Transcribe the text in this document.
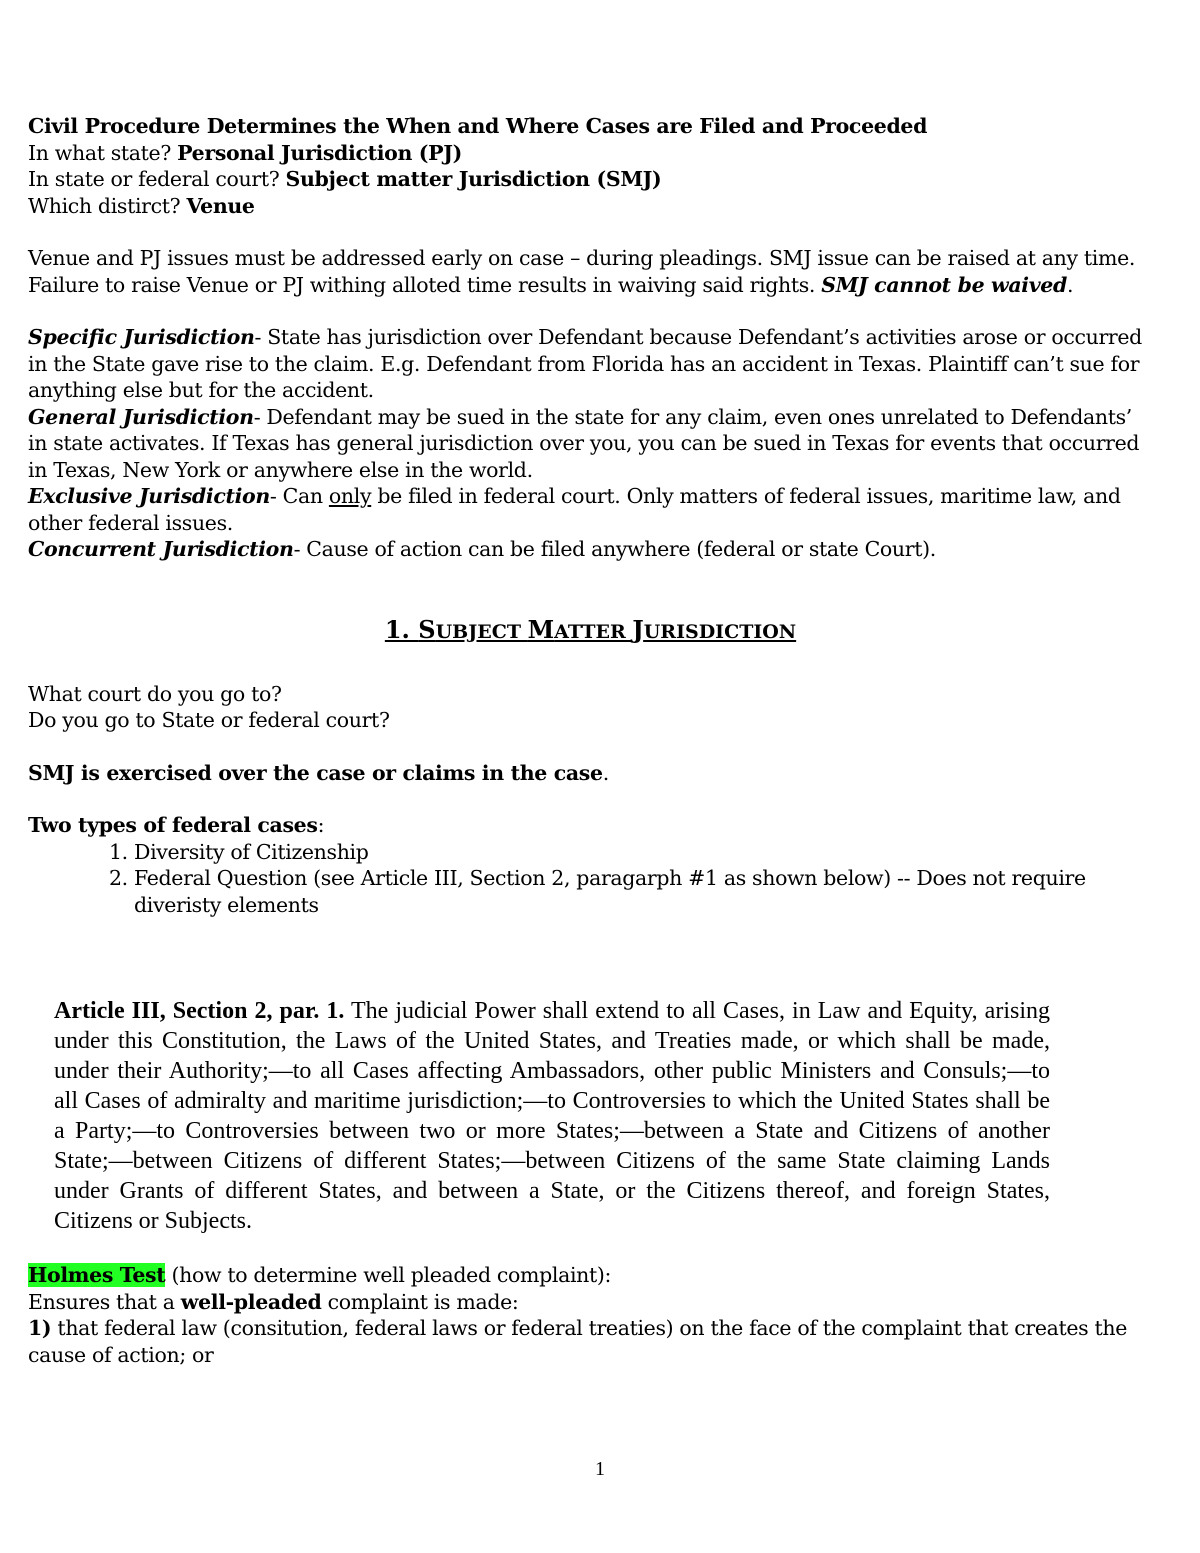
Civil Procedure Determines the When and Where Cases are Filed and Proceeded

In what state? Personal Jurisdiction (PJ)

In state or federal court? Subject matter Jurisdiction (SMJ)

Which distirct? Venue

Venue and PJ issues must be addressed early on case – during pleadings. SMJ issue can be raised at any time. Failure to raise Venue or PJ withing alloted time results in waiving said rights. SMJ cannot be waived.

Specific Jurisdiction- State has jurisdiction over Defendant because Defendant’s activities arose or occurred in the State gave rise to the claim. E.g. Defendant from Florida has an accident in Texas. Plaintiff can’t sue for anything else but for the accident.

General Jurisdiction- Defendant may be sued in the state for any claim, even ones unrelated to Defendants’ in state activates. If Texas has general jurisdiction over you, you can be sued in Texas for events that occurred in Texas, New York or anywhere else in the world.

Exclusive Jurisdiction- Can only be filed in federal court. Only matters of federal issues, maritime law, and other federal issues.

Concurrent Jurisdiction- Cause of action can be filed anywhere (federal or state Court).

1. SUBJECT MATTER JURISDICTION

What court do you go to?

Do you go to State or federal court?

SMJ is exercised over the case or claims in the case.

Two types of federal cases:

1. Diversity of Citizenship
2. Federal Question (see Article III, Section 2, paragarph #1 as shown below) -- Does not require diveristy elements

Article III, Section 2, par. 1. The judicial Power shall extend to all Cases, in Law and Equity, arising under this Constitution, the Laws of the United States, and Treaties made, or which shall be made, under their Authority;—to all Cases affecting Ambassadors, other public Ministers and Consuls;—to all Cases of admiralty and maritime jurisdiction;—to Controversies to which the United States shall be a Party;—to Controversies between two or more States;—between a State and Citizens of another State;—between Citizens of different States;—between Citizens of the same State claiming Lands under Grants of different States, and between a State, or the Citizens thereof, and foreign States, Citizens or Subjects.

Holmes Test (how to determine well pleaded complaint):

Ensures that a well-pleaded complaint is made:

1) that federal law (consitution, federal laws or federal treaties) on the face of the complaint that creates the cause of action; or

1
